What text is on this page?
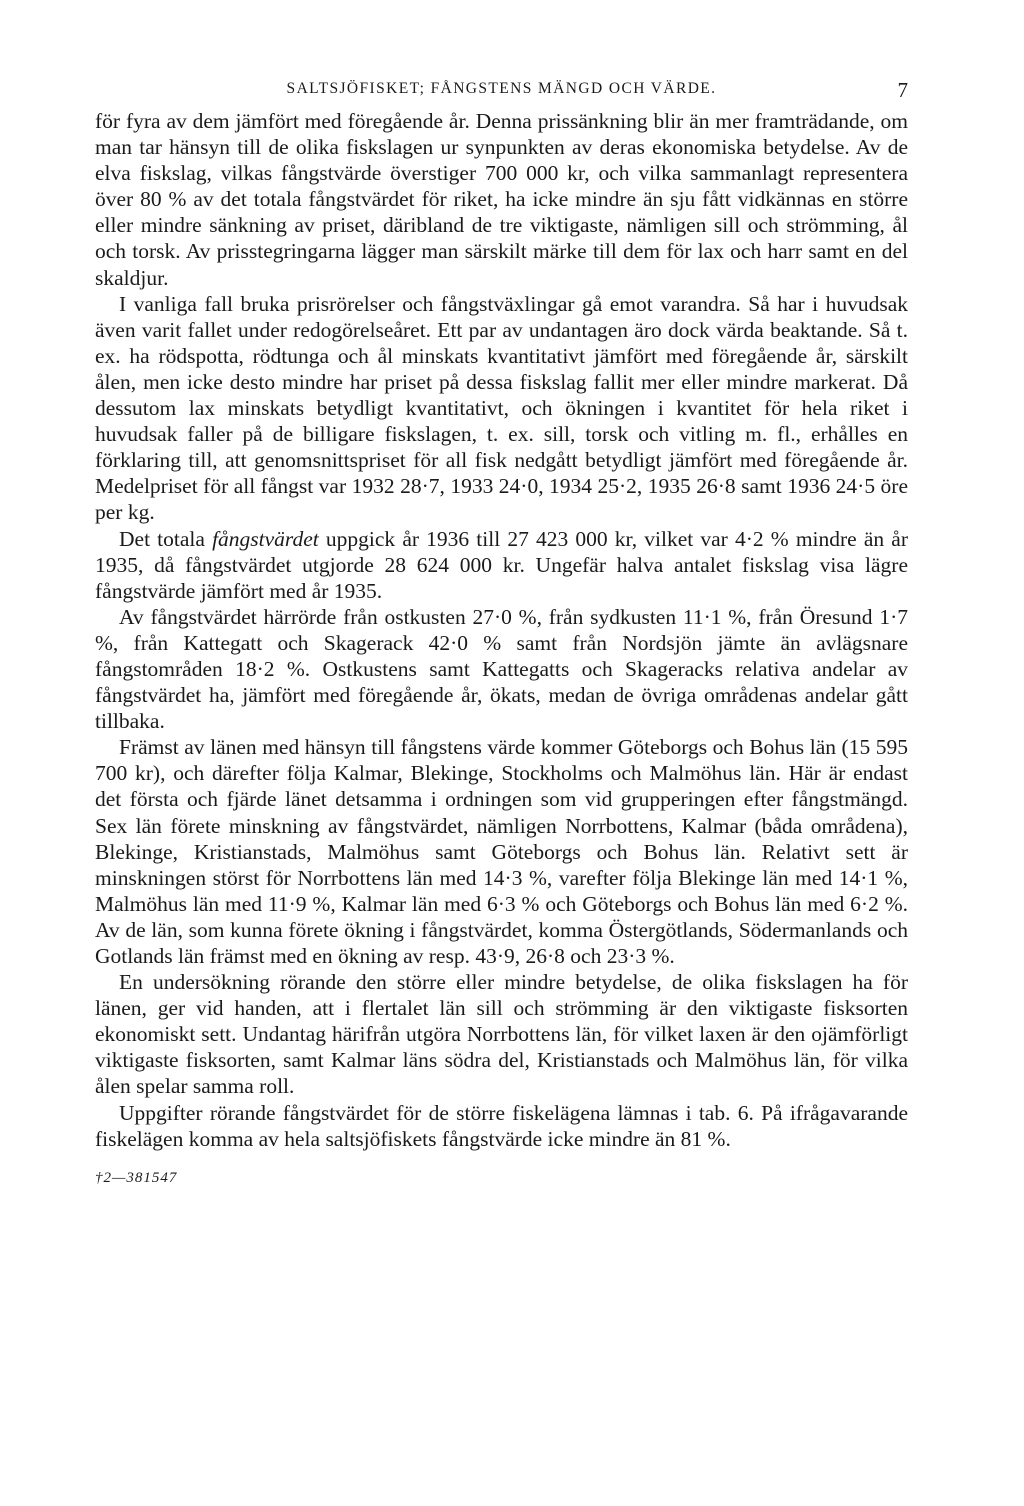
SALTSJÖFISKET; FÅNGSTENS MÄNGD OCH VÄRDE.	7

för fyra av dem jämfört med föregående år. Denna prissänkning blir än mer framträdande, om man tar hänsyn till de olika fiskslagen ur synpunkten av deras ekonomiska betydelse. Av de elva fiskslag, vilkas fångstvärde överstiger 700 000 kr, och vilka sammanlagt representera över 80 % av det totala fångstvärdet för riket, ha icke mindre än sju fått vidkännas en större eller mindre sänkning av priset, däribland de tre viktigaste, nämligen sill och strömming, ål och torsk. Av prisstegringarna lägger man särskilt märke till dem för lax och harr samt en del skaldjur.

I vanliga fall bruka prisrörelser och fångstväxlingar gå emot varandra. Så har i huvudsak även varit fallet under redogörelseåret. Ett par av undantagen äro dock värda beaktande. Så t. ex. ha rödspotta, rödtunga och ål minskats kvantitativt jämfört med föregående år, särskilt ålen, men icke desto mindre har priset på dessa fiskslag fallit mer eller mindre markerat. Då dessutom lax minskats betydligt kvantitativt, och ökningen i kvantitet för hela riket i huvudsak faller på de billigare fiskslagen, t. ex. sill, torsk och vitling m. fl., erhålles en förklaring till, att genomsnittspriset för all fisk nedgått betydligt jämfört med föregående år. Medelpriset för all fångst var 1932 28·7, 1933 24·0, 1934 25·2, 1935 26·8 samt 1936 24·5 öre per kg.

Det totala fångstvärdet uppgick år 1936 till 27 423 000 kr, vilket var 4·2 % mindre än år 1935, då fångstvärdet utgjorde 28 624 000 kr. Ungefär halva antalet fiskslag visa lägre fångstvärde jämfört med år 1935.

Av fångstvärdet härrörde från ostkusten 27·0 %, från sydkusten 11·1 %, från Öresund 1·7 %, från Kattegatt och Skagerack 42·0 % samt från Nordsjön jämte än avlägsnare fångstområden 18·2 %. Ostkustens samt Kattegatts och Skageracks relativa andelar av fångstvärdet ha, jämfört med föregående år, ökats, medan de övriga områdenas andelar gått tillbaka.

Främst av länen med hänsyn till fångstens värde kommer Göteborgs och Bohus län (15 595 700 kr), och därefter följa Kalmar, Blekinge, Stockholms och Malmöhus län. Här är endast det första och fjärde länet detsamma i ordningen som vid grupperingen efter fångstmängd. Sex län förete minskning av fångstvärdet, nämligen Norrbottens, Kalmar (båda områdena), Blekinge, Kristianstads, Malmöhus samt Göteborgs och Bohus län. Relativt sett är minskningen störst för Norrbottens län med 14·3 %, varefter följa Blekinge län med 14·1 %, Malmöhus län med 11·9 %, Kalmar län med 6·3 % och Göteborgs och Bohus län med 6·2 %. Av de län, som kunna förete ökning i fångstvärdet, komma Östergötlands, Södermanlands och Gotlands län främst med en ökning av resp. 43·9, 26·8 och 23·3 %.

En undersökning rörande den större eller mindre betydelse, de olika fiskslagen ha för länen, ger vid handen, att i flertalet län sill och strömming är den viktigaste fisksorten ekonomiskt sett. Undantag härifrån utgöra Norrbottens län, för vilket laxen är den ojämförligt viktigaste fisksorten, samt Kalmar läns södra del, Kristianstads och Malmöhus län, för vilka ålen spelar samma roll.

Uppgifter rörande fångstvärdet för de större fiskelägena lämnas i tab. 6. På ifrågavarande fiskelägen komma av hela saltsjöfiskets fångstvärde icke mindre än 81 %.

†2—381547
